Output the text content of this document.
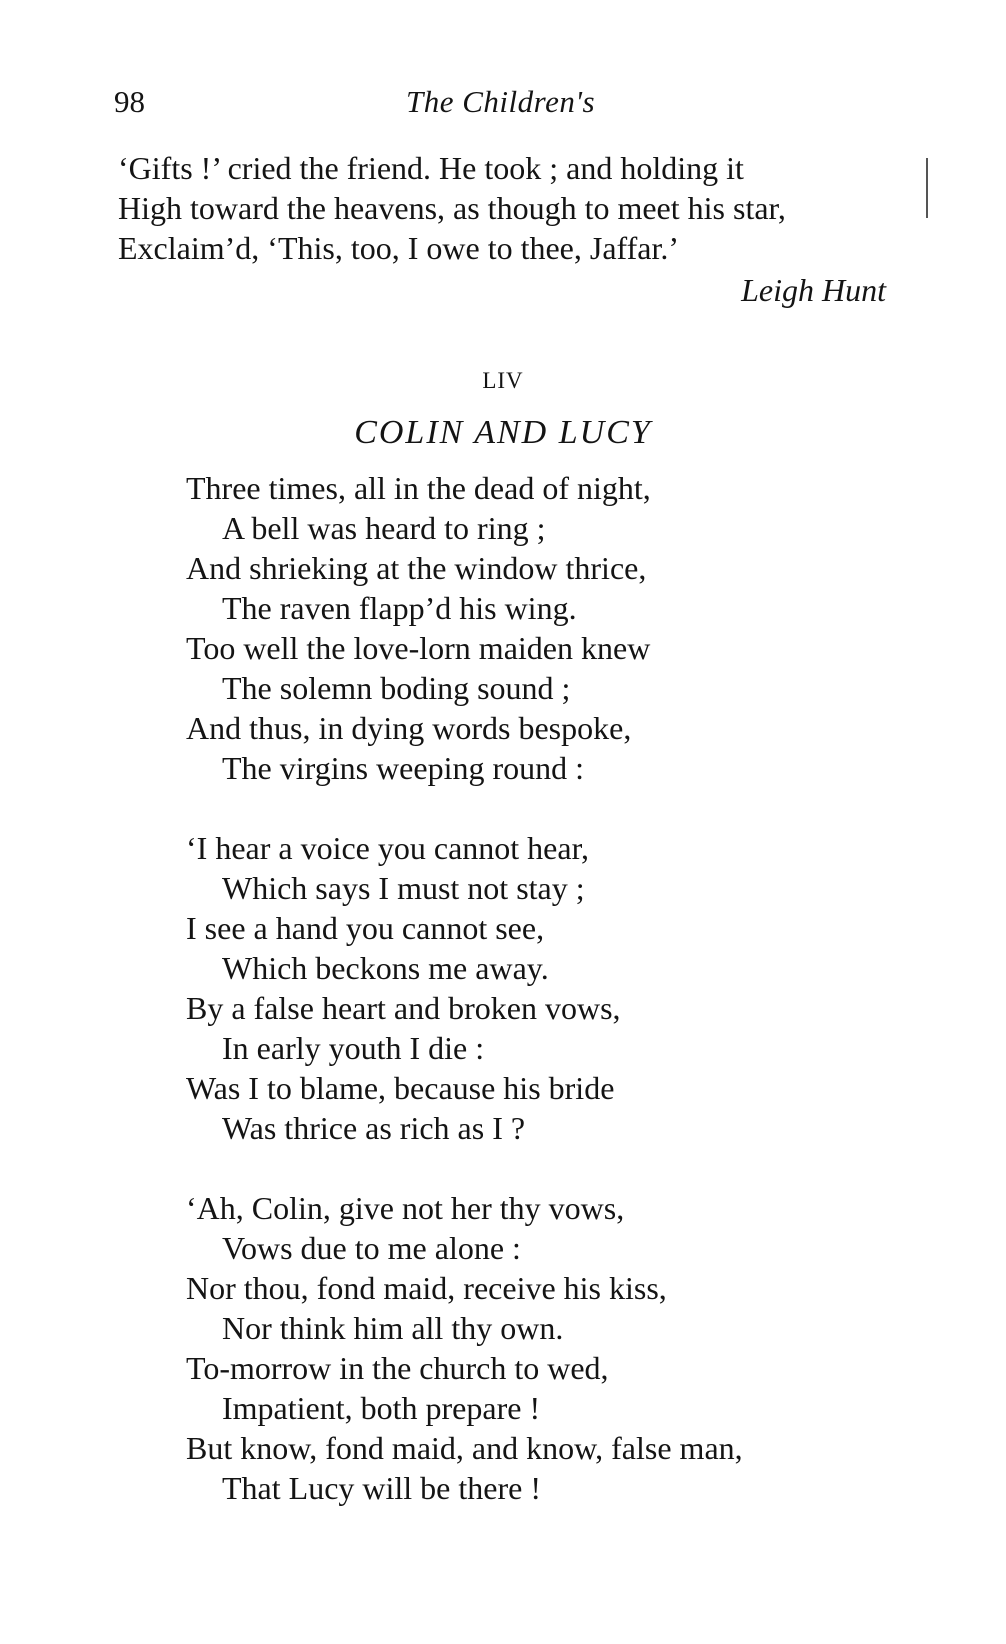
98	The Children's
‘Gifts !’ cried the friend. He took ; and holding it
High toward the heavens, as though to meet his star,
Exclaim’d, ‘This, too, I owe to thee, Jaffar.’
Leigh Hunt
LIV
COLIN AND LUCY
Three times, all in the dead of night,
A bell was heard to ring ;
And shrieking at the window thrice,
The raven flapp’d his wing.
Too well the love-lorn maiden knew
The solemn boding sound ;
And thus, in dying words bespoke,
The virgins weeping round :
‘I hear a voice you cannot hear,
Which says I must not stay ;
I see a hand you cannot see,
Which beckons me away.
By a false heart and broken vows,
In early youth I die :
Was I to blame, because his bride
Was thrice as rich as I ?
‘Ah, Colin, give not her thy vows,
Vows due to me alone :
Nor thou, fond maid, receive his kiss,
Nor think him all thy own.
To-morrow in the church to wed,
Impatient, both prepare !
But know, fond maid, and know, false man,
That Lucy will be there !
